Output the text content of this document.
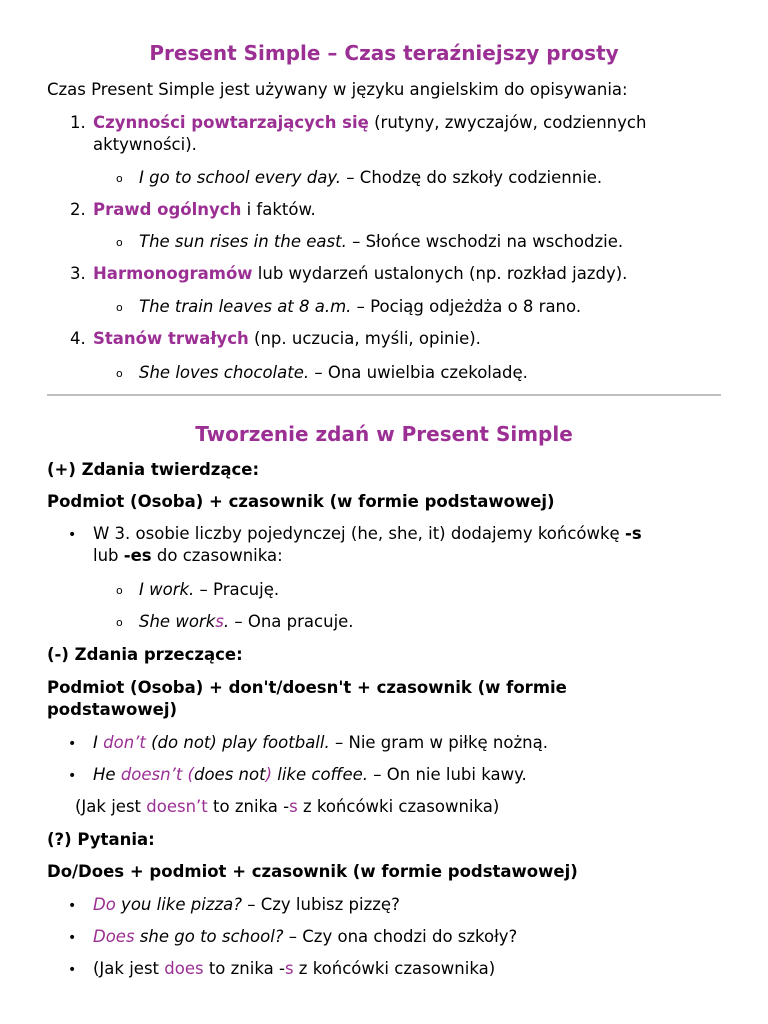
Present Simple – Czas teraźniejszy prosty
Czas Present Simple jest używany w języku angielskim do opisywania:
1. Czynności powtarzających się (rutyny, zwyczajów, codziennych
aktywności).
o I go to school every day. – Chodzę do szkoły codziennie.
2. Prawd ogólnych i faktów.
o The sun rises in the east. – Słońce wschodzi na wschodzie.
3. Harmonogramów lub wydarzeń ustalonych (np. rozkład jazdy).
o The train leaves at 8 a.m. – Pociąg odjeżdża o 8 rano.
4. Stanów trwałych (np. uczucia, myśli, opinie).
o She loves chocolate. – Ona uwielbia czekoladę.
Tworzenie zdań w Present Simple
(+) Zdania twierdzące:
Podmiot (Osoba) + czasownik (w formie podstawowej)
• W 3. osobie liczby pojedynczej (he, she, it) dodajemy końcówkę -s
lub -es do czasownika:
o I work. – Pracuję.
o She works. – Ona pracuje.
(-) Zdania przeczące:
Podmiot (Osoba) + don't/doesn't + czasownik (w formie
podstawowej)
• I don’t (do not) play football. – Nie gram w piłkę nożną.
• He doesn’t (does not) like coffee. – On nie lubi kawy.
(Jak jest doesn’t to znika -s z końcówki czasownika)
(?) Pytania:
Do/Does + podmiot + czasownik (w formie podstawowej)
• Do you like pizza? – Czy lubisz pizzę?
• Does she go to school? – Czy ona chodzi do szkoły?
• (Jak jest does to znika -s z końcówki czasownika)
